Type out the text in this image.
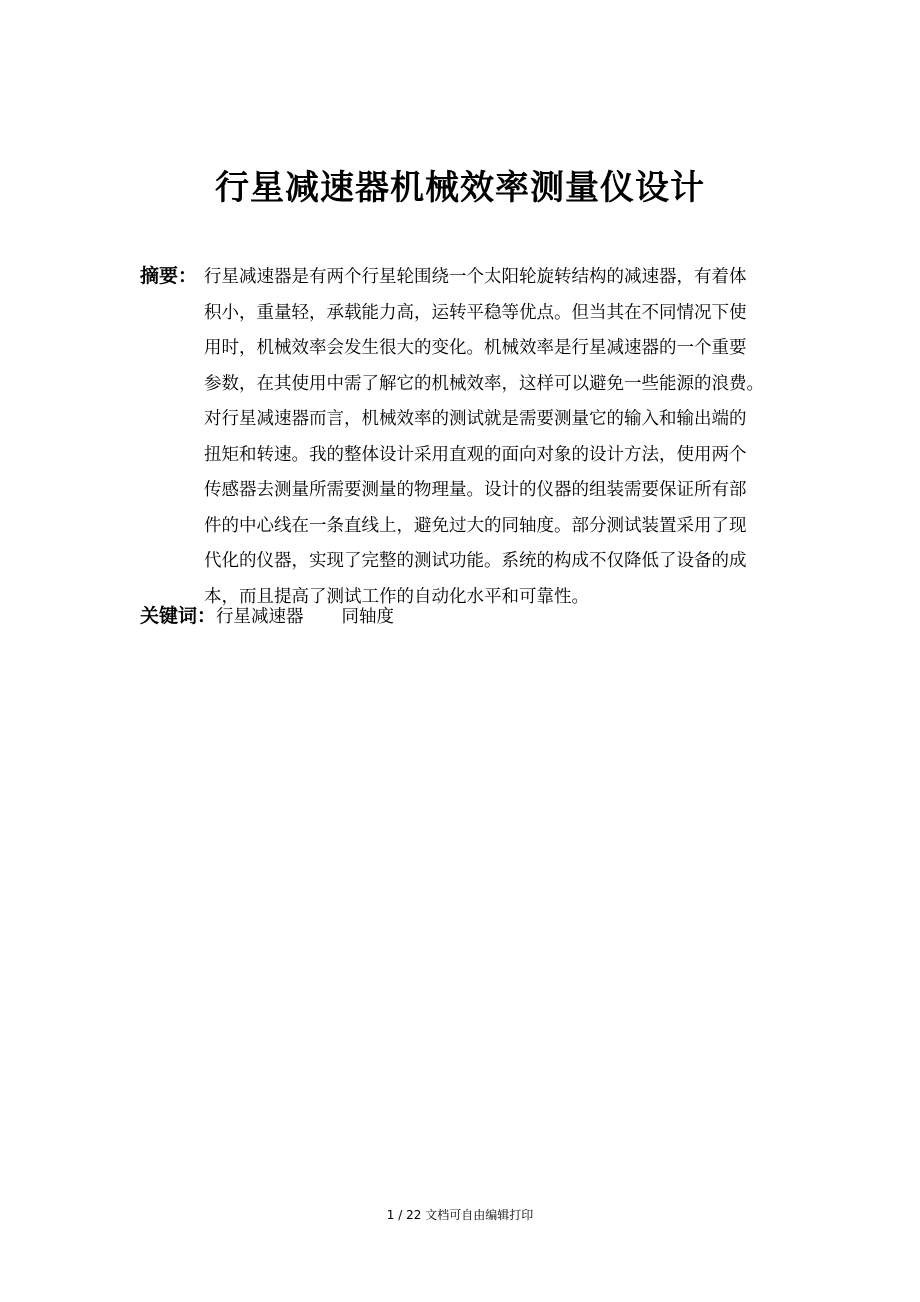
行星减速器机械效率测量仪设计
摘要： 行星减速器是有两个行星轮围绕一个太阳轮旋转结构的减速器，有着体
积小，重量轻，承载能力高，运转平稳等优点。但当其在不同情况下使
用时，机械效率会发生很大的变化。机械效率是行星减速器的一个重要
参数，在其使用中需了解它的机械效率，这样可以避免一些能源的浪费。
对行星减速器而言，机械效率的测试就是需要测量它的输入和输出端的
扭矩和转速。我的整体设计采用直观的面向对象的设计方法，使用两个
传感器去测量所需要测量的物理量。设计的仪器的组装需要保证所有部
件的中心线在一条直线上，避免过大的同轴度。部分测试装置采用了现
代化的仪器，实现了完整的测试功能。系统的构成不仅降低了设备的成
本，而且提高了测试工作的自动化水平和可靠性。
关键词：行星减速器 同轴度
1 / 22 文档可自由编辑打印
